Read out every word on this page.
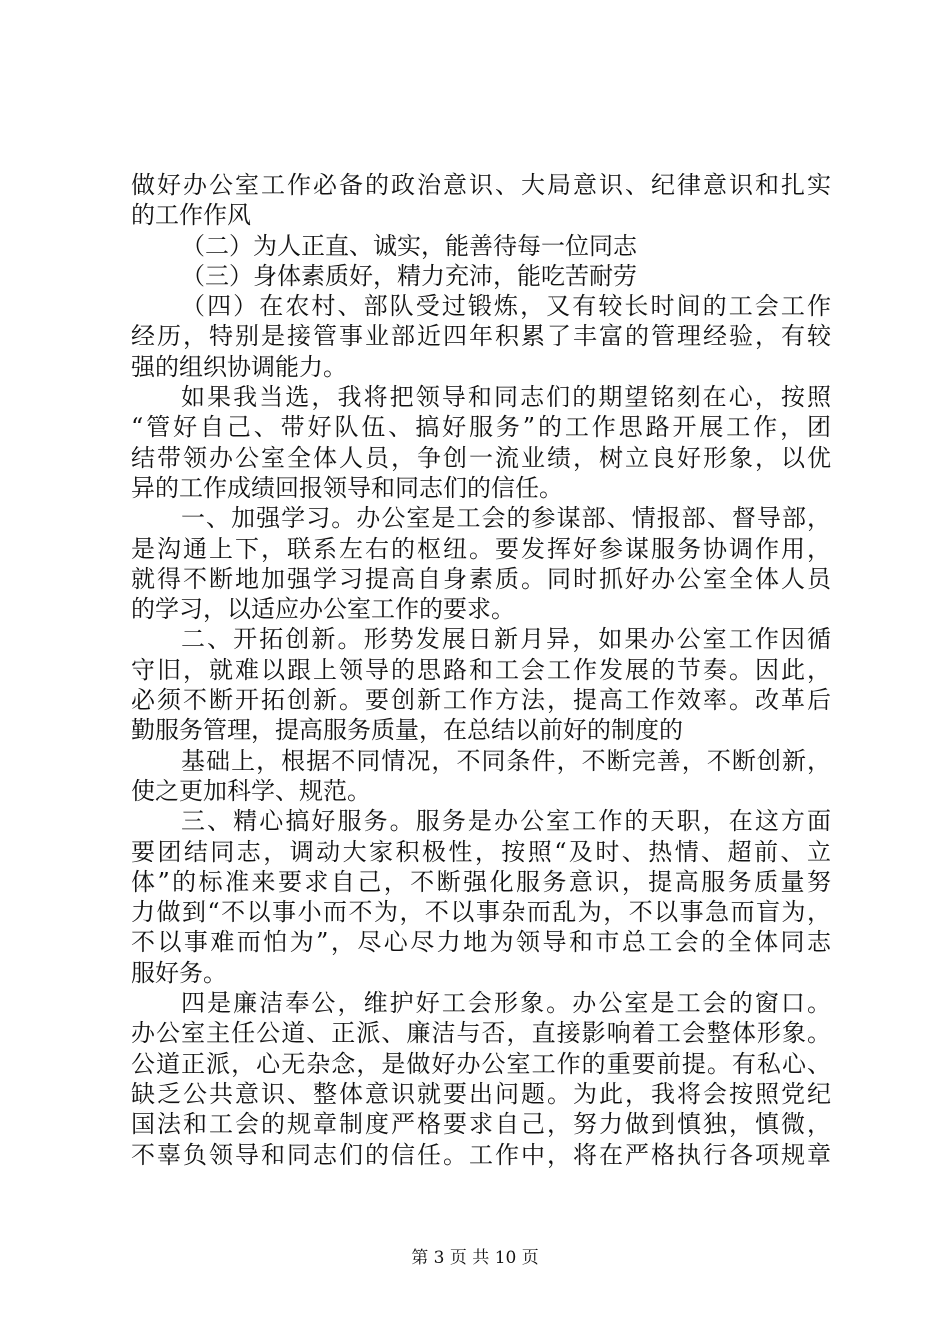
做好办公室工作必备的政治意识、大局意识、纪律意识和扎实
的工作作风
（二）为人正直、诚实，能善待每一位同志
（三）身体素质好，精力充沛，能吃苦耐劳
（四）在农村、部队受过锻炼，又有较长时间的工会工作
经历，特别是接管事业部近四年积累了丰富的管理经验，有较
强的组织协调能力。
如果我当选，我将把领导和同志们的期望铭刻在心，按照
“管好自己、带好队伍、搞好服务”的工作思路开展工作，团
结带领办公室全体人员，争创一流业绩，树立良好形象，以优
异的工作成绩回报领导和同志们的信任。
一、加强学习。办公室是工会的参谋部、情报部、督导部，
是沟通上下，联系左右的枢纽。要发挥好参谋服务协调作用，
就得不断地加强学习提高自身素质。同时抓好办公室全体人员
的学习，以适应办公室工作的要求。
二、开拓创新。形势发展日新月异，如果办公室工作因循
守旧，就难以跟上领导的思路和工会工作发展的节奏。因此，
必须不断开拓创新。要创新工作方法，提高工作效率。改革后
勤服务管理，提高服务质量，在总结以前好的制度的
基础上，根据不同情况，不同条件，不断完善，不断创新，
使之更加科学、规范。
三、精心搞好服务。服务是办公室工作的天职，在这方面
要团结同志，调动大家积极性，按照“及时、热情、超前、立
体”的标准来要求自己，不断强化服务意识，提高服务质量努
力做到“不以事小而不为，不以事杂而乱为，不以事急而盲为，
不以事难而怕为”，尽心尽力地为领导和市总工会的全体同志
服好务。
四是廉洁奉公，维护好工会形象。办公室是工会的窗口。
办公室主任公道、正派、廉洁与否，直接影响着工会整体形象。
公道正派，心无杂念，是做好办公室工作的重要前提。有私心、
缺乏公共意识、整体意识就要出问题。为此，我将会按照党纪
国法和工会的规章制度严格要求自己，努力做到慎独，慎微，
不辜负领导和同志们的信任。工作中，将在严格执行各项规章
第 3 页 共 10 页
